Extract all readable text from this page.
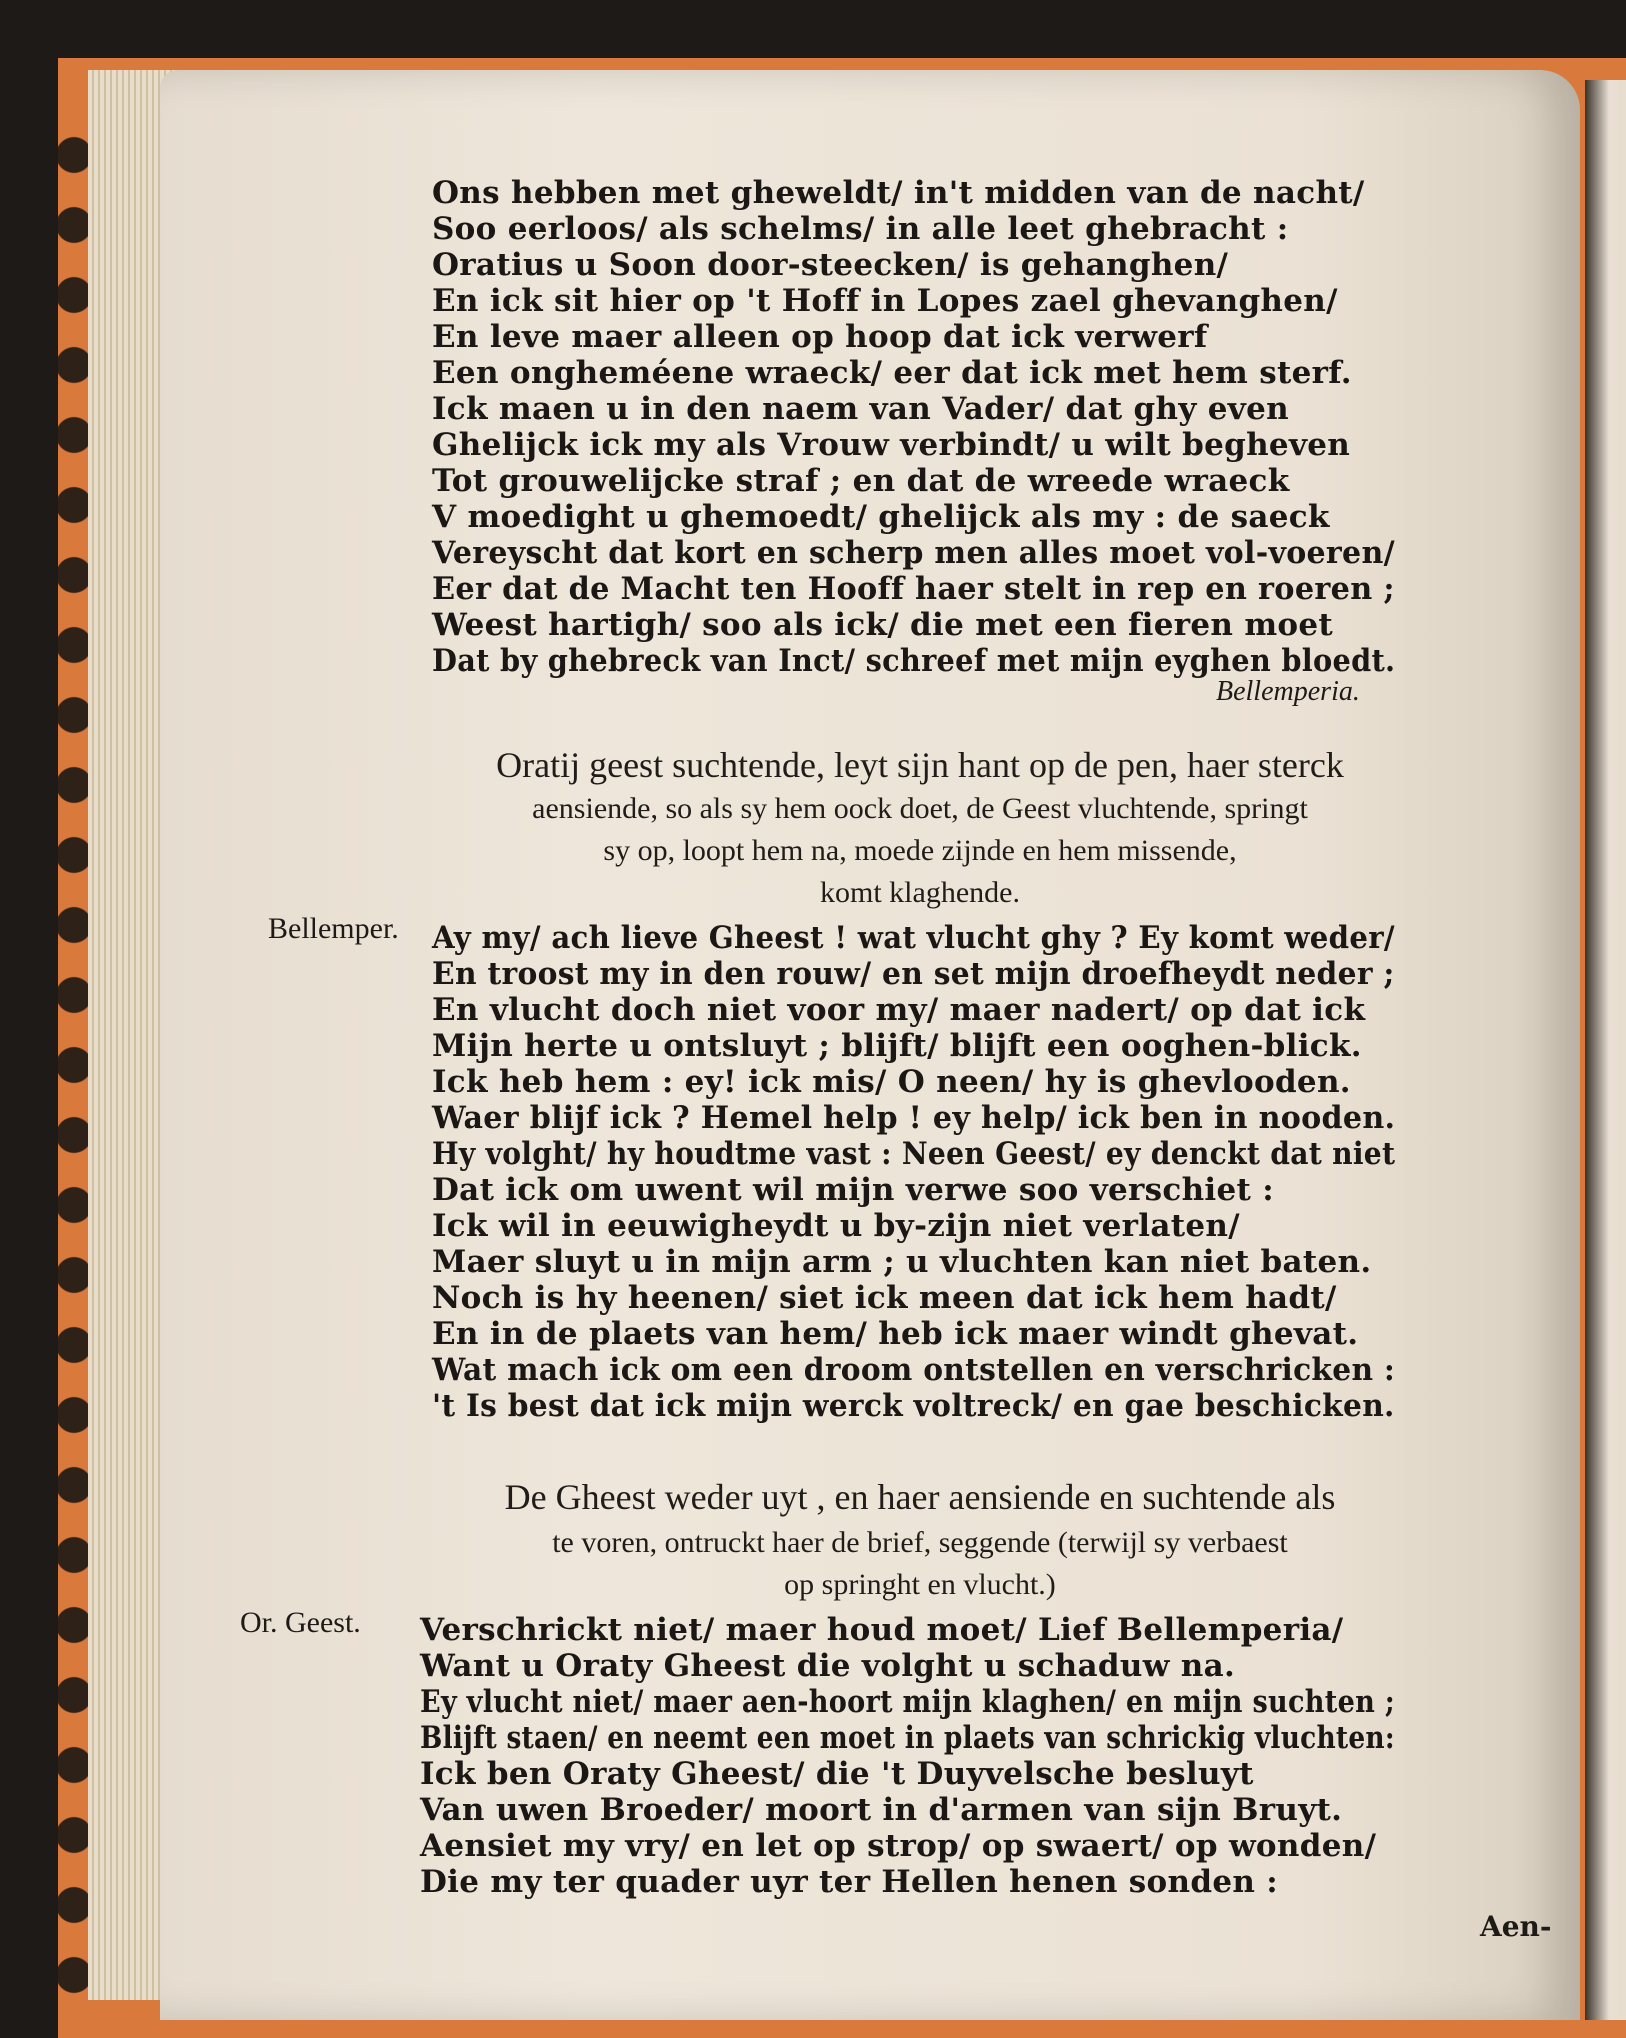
Ons hebben met gheweldt/ in't midden van de nacht/
Soo eerloos/ als schelms/ in alle leet ghebracht :
Oratius u Soon door-steecken/ is gehanghen/
En ick sit hier op 't Hoff in Lopes zael ghevanghen/
En leve maer alleen op hoop dat ick verwerf
Een ongheméene wraeck/ eer dat ick met hem sterf.
Ick maen u in den naem van Vader/ dat ghy even
Ghelijck ick my als Vrouw verbindt/ u wilt begheven
Tot grouwelijcke straf ; en dat de wreede wraeck
V moedight u ghemoedt/ ghelijck als my : de saeck
Vereyscht dat kort en scherp men alles moet vol-voeren/
Eer dat de Macht ten Hooff haer stelt in rep en roeren ;
Weest hartigh/ soo als ick/ die met een fieren moet
Dat by ghebreck van Inct/ schreef met mijn eyghen bloedt.
Bellemperia.
Oratij geest suchtende, leyt sijn hant op de pen, haer sterck
aensiende, so als sy hem oock doet, de Geest vluchtende, springt
sy op, loopt hem na, moede zijnde en hem missende,
komt klaghende.
Bellemper. Ay my/ ach lieve Gheest ! wat vlucht ghy ? Ey komt weder/
En troost my in den rouw/ en set mijn droefheydt neder ;
En vlucht doch niet voor my/ maer nadert/ op dat ick
Mijn herte u ontsluyt ; blijft/ blijft een ooghen-blick.
Ick heb hem : ey! ick mis/ O neen/ hy is ghevlooden.
Waer blijf ick ? Hemel help ! ey help/ ick ben in nooden.
Hy volght/ hy houdtme vast : Neen Geest/ ey denckt dat niet
Dat ick om uwent wil mijn verwe soo verschiet :
Ick wil in eeuwigheydt u by-zijn niet verlaten/
Maer sluyt u in mijn arm ; u vluchten kan niet baten.
Noch is hy heenen/ siet ick meen dat ick hem hadt/
En in de plaets van hem/ heb ick maer windt ghevat.
Wat mach ick om een droom ontstellen en verschricken :
't Is best dat ick mijn werck voltreck/ en gae beschicken.
De Gheest weder uyt , en haer aensiende en suchtende als
te voren, ontruckt haer de brief, seggende (terwijl sy verbaest
op springht en vlucht.)
Or. Geest. Verschrickt niet/ maer houd moet/ Lief Bellemperia/
Want u Oraty Gheest die volght u schaduw na.
Ey vlucht niet/ maer aen-hoort mijn klaghen/ en mijn suchten ;
Blijft staen/ en neemt een moet in plaets van schrickig vluchten:
Ick ben Oraty Gheest/ die 't Duyvelsche besluyt
Van uwen Broeder/ moort in d'armen van sijn Bruyt.
Aensiet my vry/ en let op strop/ op swaert/ op wonden/
Die my ter quader uyr ter Hellen henen sonden :
Aen-
